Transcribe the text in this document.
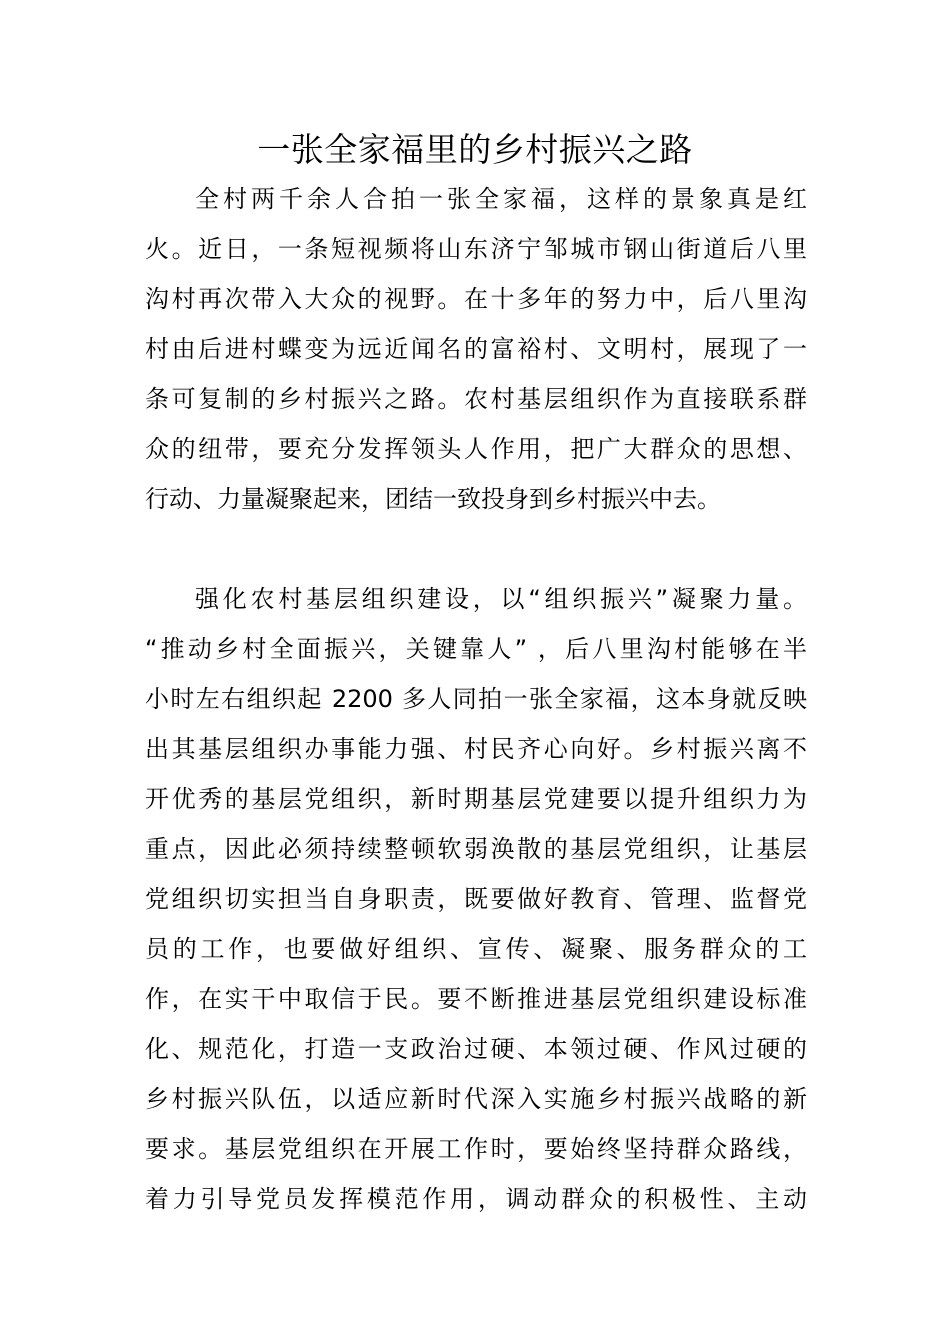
一张全家福里的乡村振兴之路
全村两千余人合拍一张全家福，这样的景象真是红
火。近日，一条短视频将山东济宁邹城市钢山街道后八里
沟村再次带入大众的视野。在十多年的努力中，后八里沟
村由后进村蝶变为远近闻名的富裕村、文明村，展现了一
条可复制的乡村振兴之路。农村基层组织作为直接联系群
众的纽带，要充分发挥领头人作用，把广大群众的思想、
行动、力量凝聚起来，团结一致投身到乡村振兴中去。
强化农村基层组织建设，以“组织振兴”凝聚力量。
“推动乡村全面振兴，关键靠人” ，后八里沟村能够在半
小时左右组织起 2200 多人同拍一张全家福，这本身就反映
出其基层组织办事能力强、村民齐心向好。乡村振兴离不
开优秀的基层党组织，新时期基层党建要以提升组织力为
重点，因此必须持续整顿软弱涣散的基层党组织，让基层
党组织切实担当自身职责，既要做好教育、管理、监督党
员的工作，也要做好组织、宣传、凝聚、服务群众的工
作，在实干中取信于民。要不断推进基层党组织建设标准
化、规范化，打造一支政治过硬、本领过硬、作风过硬的
乡村振兴队伍，以适应新时代深入实施乡村振兴战略的新
要求。基层党组织在开展工作时，要始终坚持群众路线，
着力引导党员发挥模范作用，调动群众的积极性、主动
